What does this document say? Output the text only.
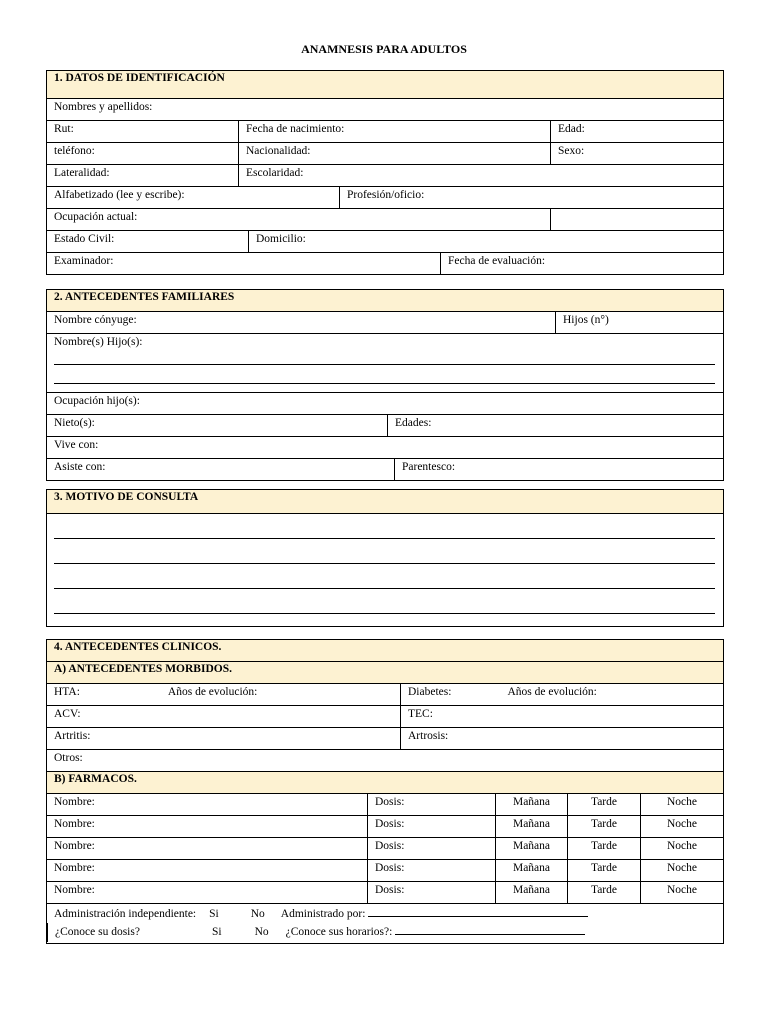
ANAMNESIS PARA ADULTOS
1. DATOS DE IDENTIFICACIÓN
Nombres y apellidos:
Rut:	Fecha de nacimiento:	Edad:
teléfono:	Nacionalidad:	Sexo:
Lateralidad:	Escolaridad:
Alfabetizado (lee y escribe):	Profesión/oficio:
Ocupación actual:
Estado Civil:	Domicilio:
Examinador:	Fecha de evaluación:
2. ANTECEDENTES FAMILIARES
Nombre cónyuge:	Hijos (n°)
Nombre(s) Hijo(s):
Ocupación hijo(s):
Nieto(s):	Edades:
Vive con:
Asiste con:	Parentesco:
3. MOTIVO DE CONSULTA
4. ANTECEDENTES CLINICOS.
A) ANTECEDENTES MORBIDOS.
HTA:	Años de evolución:	Diabetes:	Años de evolución:
ACV:	TEC:
Artritis:	Artrosis:
Otros:
B) FARMACOS.
Nombre:	Dosis:	Mañana	Tarde	Noche
Nombre:	Dosis:	Mañana	Tarde	Noche
Nombre:	Dosis:	Mañana	Tarde	Noche
Nombre:	Dosis:	Mañana	Tarde	Noche
Nombre:	Dosis:	Mañana	Tarde	Noche
Administración independiente: Si	No Administrado por:
¿Conoce su dosis?	Si	No ¿Conoce sus horarios?:
